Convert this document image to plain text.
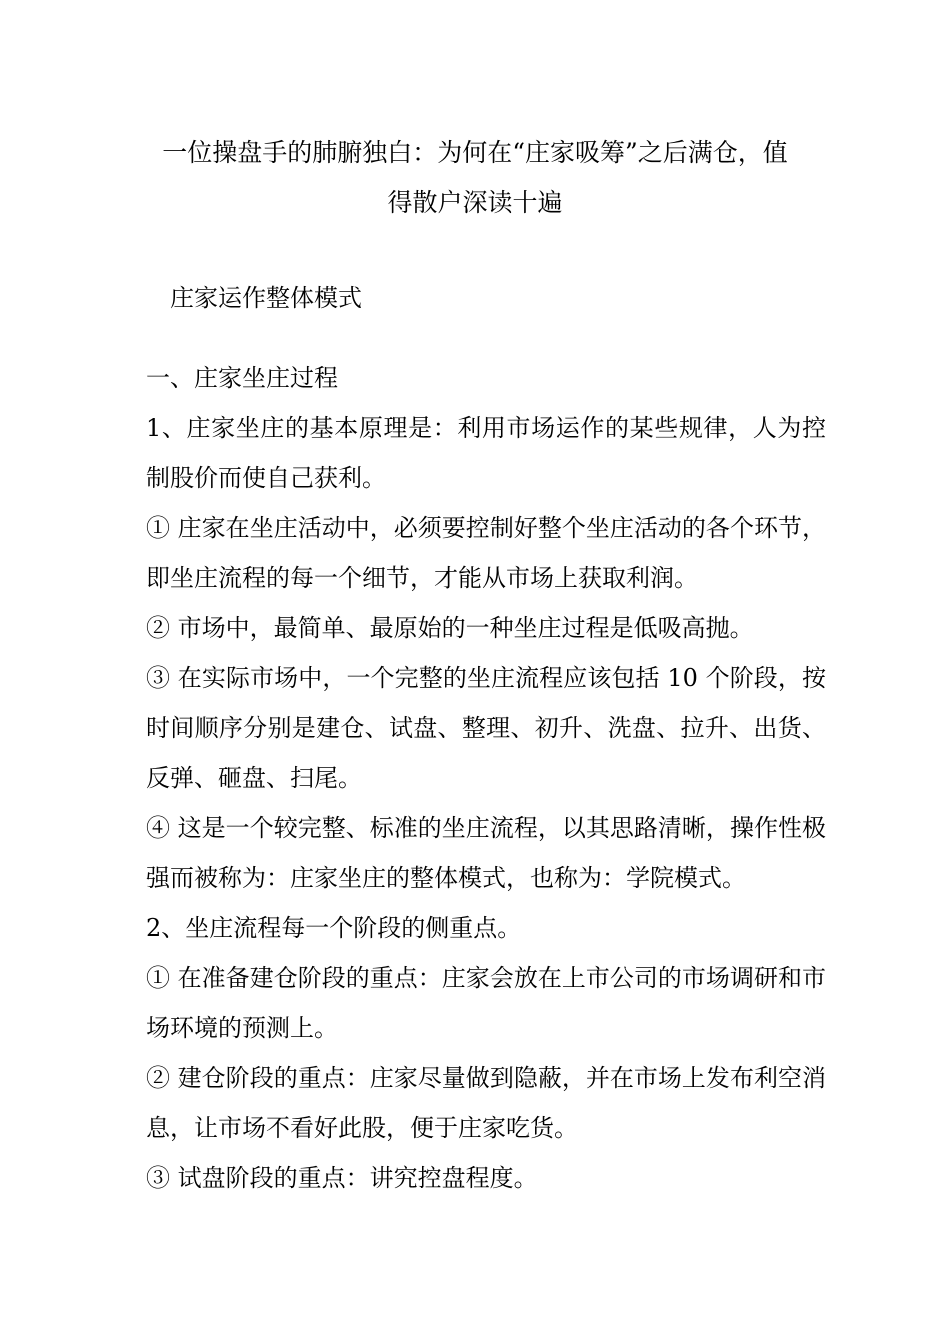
一位操盘手的肺腑独白：为何在“庄家吸筹”之后满仓，值
得散户深读十遍
庄家运作整体模式

一、庄家坐庄过程

1、庄家坐庄的基本原理是：利用市场运作的某些规律，人为控制股价而使自己获利。

① 庄家在坐庄活动中，必须要控制好整个坐庄活动的各个环节，即坐庄流程的每一个细节，才能从市场上获取利润。

② 市场中，最简单、最原始的一种坐庄过程是低吸高抛。

③ 在实际市场中，一个完整的坐庄流程应该包括 10 个阶段，按时间顺序分别是建仓、试盘、整理、初升、洗盘、拉升、出货、反弹、砸盘、扫尾。

④ 这是一个较完整、标准的坐庄流程，以其思路清晰，操作性极强而被称为：庄家坐庄的整体模式，也称为：学院模式。

2、坐庄流程每一个阶段的侧重点。

① 在准备建仓阶段的重点：庄家会放在上市公司的市场调研和市场环境的预测上。

② 建仓阶段的重点：庄家尽量做到隐蔽，并在市场上发布利空消息，让市场不看好此股，便于庄家吃货。

③ 试盘阶段的重点：讲究控盘程度。
